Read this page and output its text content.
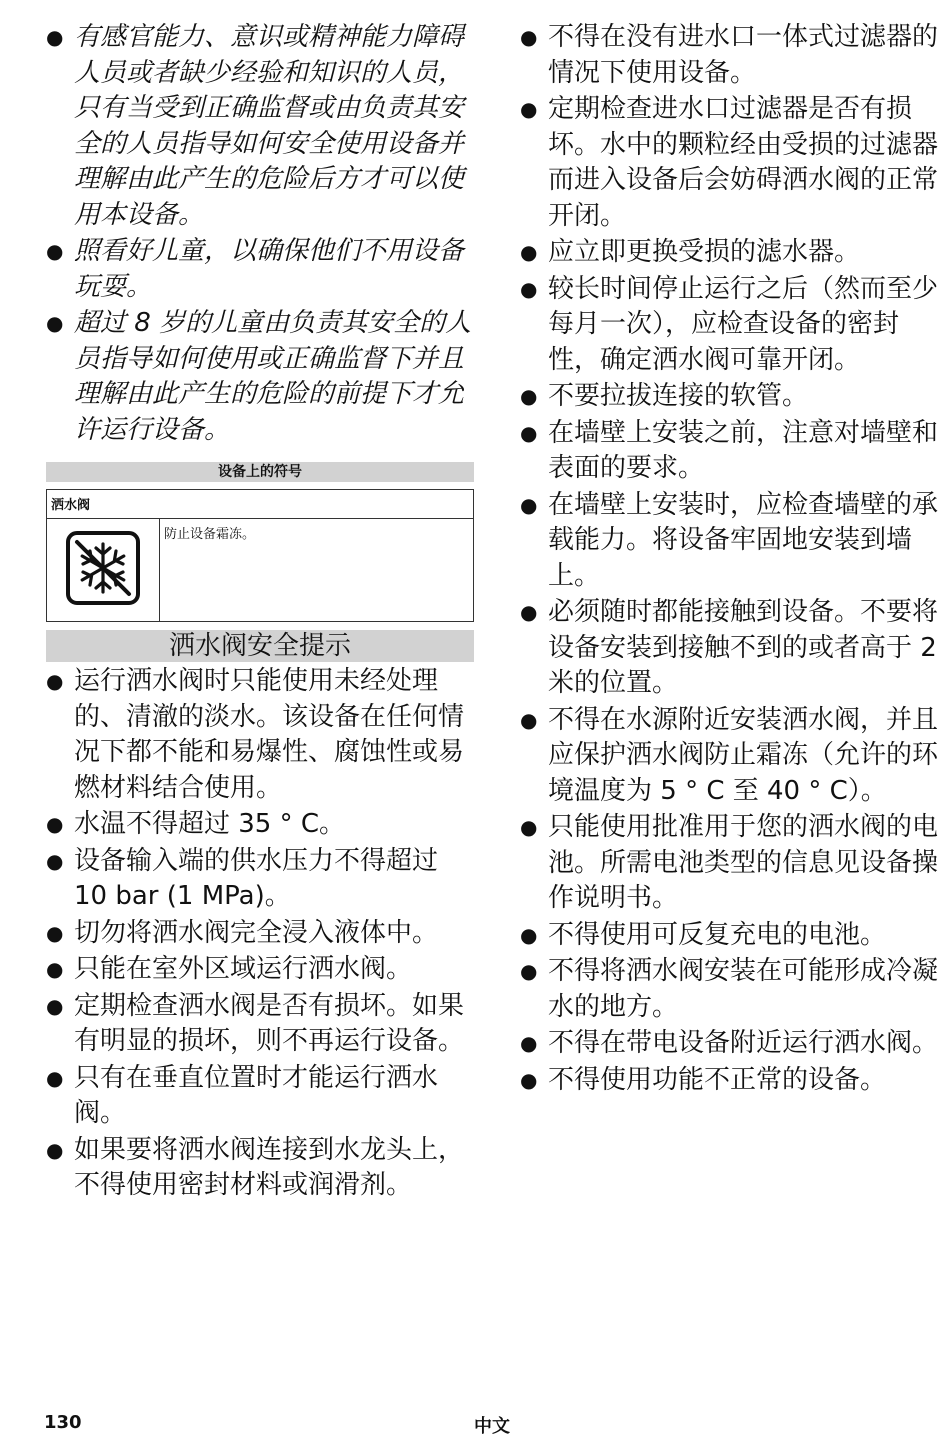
● 有感官能力、意识或精神能力障碍人员或者缺少经验和知识的人员，只有当受到正确监督或由负责其安全的人员指导如何安全使用设备并理解由此产生的危险后方才可以使用本设备。
● 照看好儿童，以确保他们不用设备玩耍。
● 超过 8 岁的儿童由负责其安全的人员指导如何使用或正确监督下并且理解由此产生的危险的前提下才允许运行设备。
设备上的符号
洒水阀
	防止设备霜冻。
洒水阀安全提示
● 运行洒水阀时只能使用未经处理的、清澈的淡水。该设备在任何情况下都不能和易爆性、腐蚀性或易燃材料结合使用。
● 水温不得超过 35 ° C。
● 设备输入端的供水压力不得超过 10 bar (1 MPa)。
● 切勿将洒水阀完全浸入液体中。
● 只能在室外区域运行洒水阀。
● 定期检查洒水阀是否有损坏。如果有明显的损坏，则不再运行设备。
● 只有在垂直位置时才能运行洒水阀。
● 如果要将洒水阀连接到水龙头上，不得使用密封材料或润滑剂。
● 不得在没有进水口一体式过滤器的情况下使用设备。
● 定期检查进水口过滤器是否有损坏。水中的颗粒经由受损的过滤器而进入设备后会妨碍洒水阀的正常开闭。
● 应立即更换受损的滤水器。
● 较长时间停止运行之后（然而至少每月一次），应检查设备的密封性，确定洒水阀可靠开闭。
● 不要拉拔连接的软管。
● 在墙壁上安装之前，注意对墙壁和表面的要求。
● 在墙壁上安装时，应检查墙壁的承载能力。将设备牢固地安装到墙上。
● 必须随时都能接触到设备。不要将设备安装到接触不到的或者高于 2 米的位置。
● 不得在水源附近安装洒水阀，并且应保护洒水阀防止霜冻（允许的环境温度为 5 ° C 至 40 ° C）。
● 只能使用批准用于您的洒水阀的电池。所需电池类型的信息见设备操作说明书。
● 不得使用可反复充电的电池。
● 不得将洒水阀安装在可能形成冷凝水的地方。
● 不得在带电设备附近运行洒水阀。
● 不得使用功能不正常的设备。
130	中文
